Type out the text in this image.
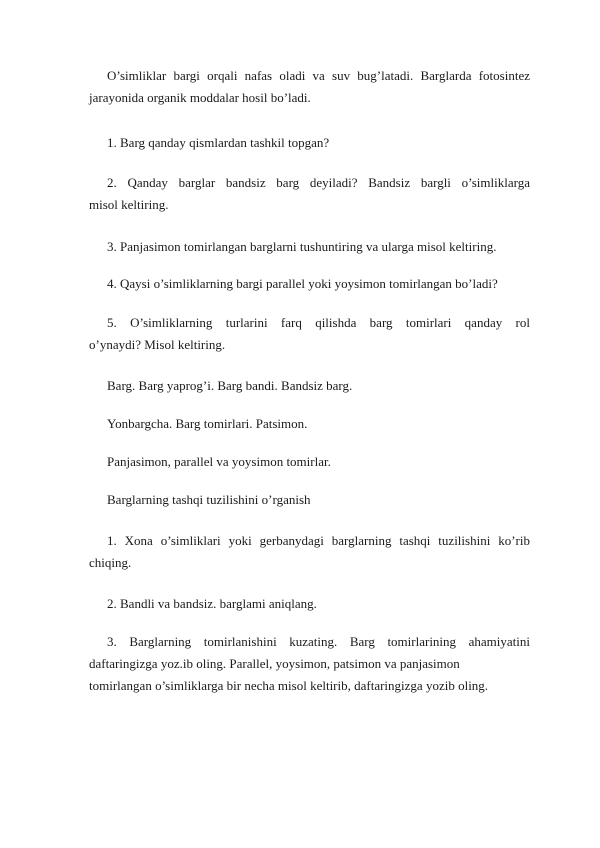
O’simliklar bargi orqali nafas oladi va suv bug’latadi. Barglarda fotosintez
jarayonida organik moddalar hosil bo’ladi.

1. Barg qanday qismlardan tashkil topgan?

2. Qanday barglar bandsiz barg deyiladi? Bandsiz bargli o’simliklarga
misol keltiring.

3. Panjasimon tomirlangan barglarni tushuntiring va ularga misol keltiring.

4. Qaysi o’simliklarning bargi parallel yoki yoysimon tomirlangan bo’ladi?

5. O’simliklarning turlarini farq qilishda barg tomirlari qanday rol
o’ynaydi? Misol keltiring.

Barg. Barg yaprog’i. Barg bandi. Bandsiz barg.

Yonbargcha. Barg tomirlari. Patsimon.

Panjasimon, parallel va yoysimon tomirlar.

Barglarning tashqi tuzilishini o’rganish

1. Xona o’simliklari yoki gerbanydagi barglarning tashqi tuzilishini ko’rib
chiqing.

2. Bandli va bandsiz. barglami aniqlang.

3. Barglarning tomirlanishini kuzating. Barg tomirlarining ahamiyatini
daftaringizga yoz.ib oling. Parallel, yoysimon, patsimon va panjasimon
tomirlangan o’simliklarga bir necha misol keltirib, daftaringizga yozib oling.
